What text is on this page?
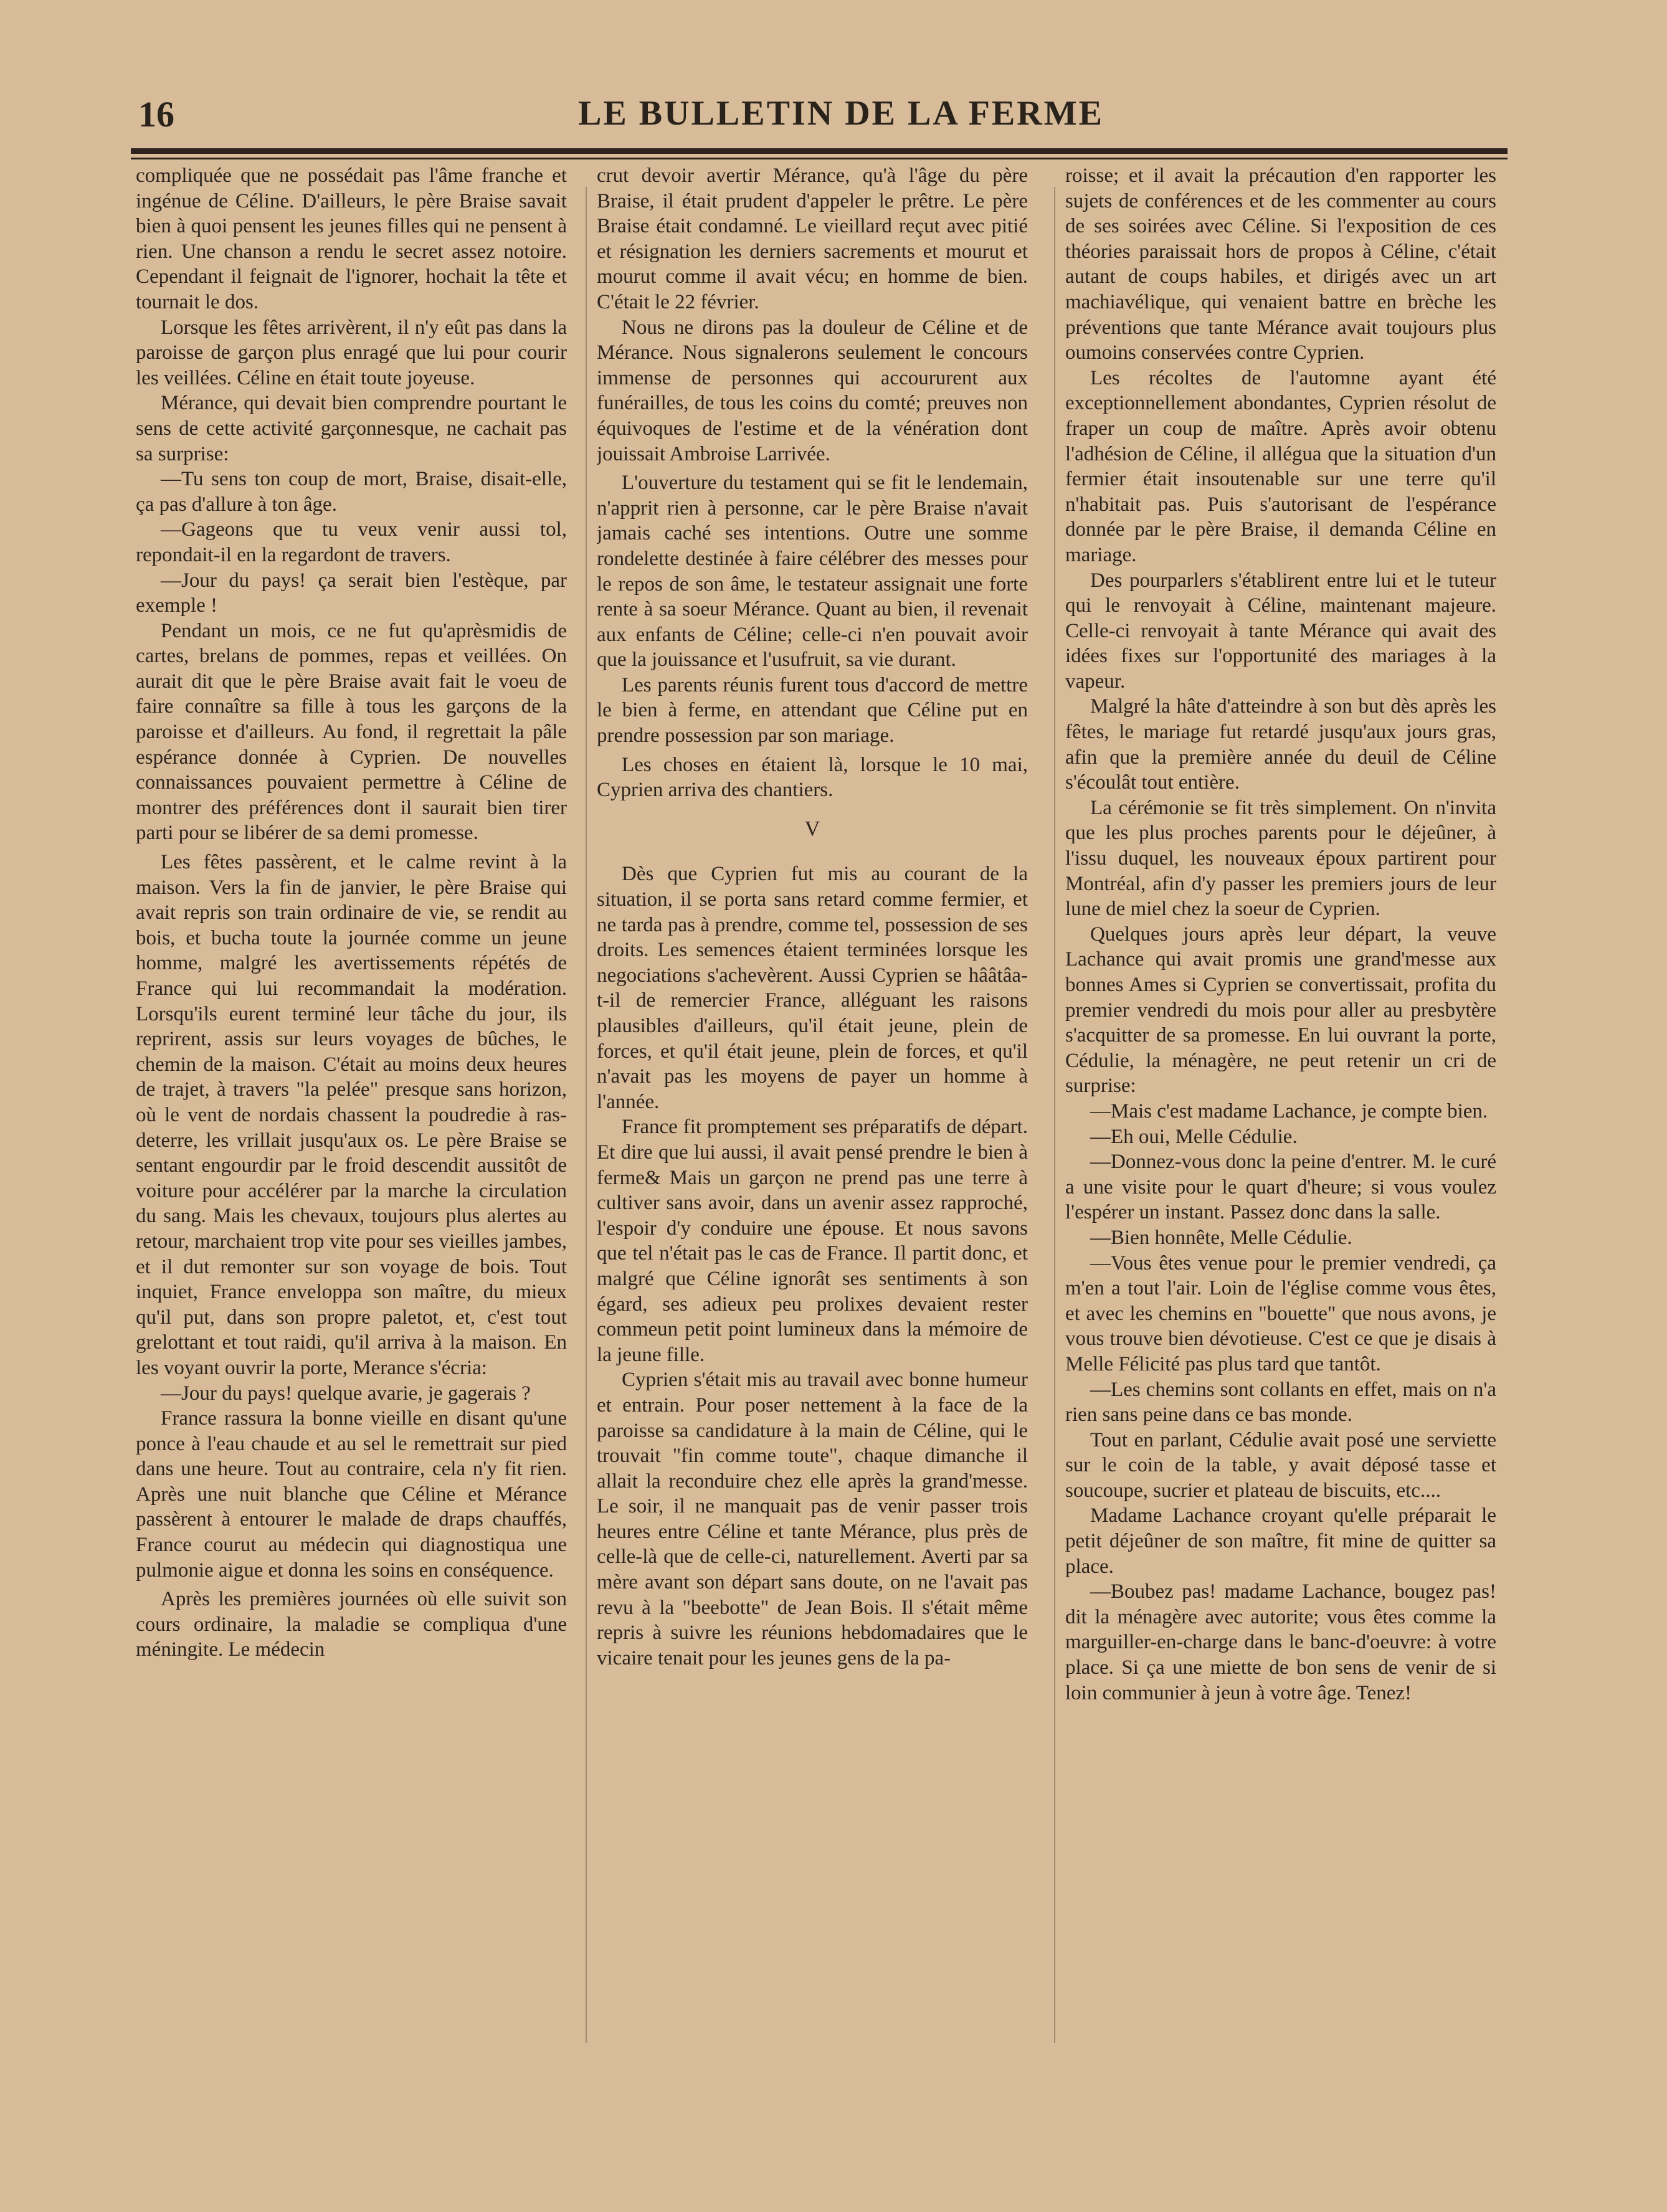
16	LE BULLETIN DE LA FERME

compliquée que ne possédait pas l'âme franche et ingénue de Céline. D'ailleurs, le père Braise savait bien à quoi pensent les jeunes filles qui ne pensent à rien. Une chanson a rendu le secret assez notoire. Cependant il feignait de l'ignorer, hochait la tête et tournait le dos.

Lorsque les fêtes arrivèrent, il n'y eût pas dans la paroisse de garçon plus enragé que lui pour courir les veillées. Céline en était toute joyeuse.

Mérance, qui devait bien comprendre pourtant le sens de cette activité garçonnesque, ne cachait pas sa surprise:

—Tu sens ton coup de mort, Braise, disait-elle, ça pas d'allure à ton âge.

—Gageons que tu veux venir aussi tol, repondait-il en la regardont de travers.

—Jour du pays! ça serait bien l'estèque, par exemple !

Pendant un mois, ce ne fut qu'aprèsmidis de cartes, brelans de pommes, repas et veillées. On aurait dit que le père Braise avait fait le voeu de faire connaître sa fille à tous les garçons de la paroisse et d'ailleurs. Au fond, il regrettait la pâle espérance donnée à Cyprien. De nouvelles connaissances pouvaient permettre à Céline de montrer des préférences dont il saurait bien tirer parti pour se libérer de sa demi promesse.

Les fêtes passèrent, et le calme revint à la maison. Vers la fin de janvier, le père Braise qui avait repris son train ordinaire de vie, se rendit au bois, et bucha toute la journée comme un jeune homme, malgré les avertissements répétés de France qui lui recommandait la modération. Lorsqu'ils eurent terminé leur tâche du jour, ils reprirent, assis sur leurs voyages de bûches, le chemin de la maison. C'était au moins deux heures de trajet, à travers "la pelée" presque sans horizon, où le vent de nordais chassent la poudredie à ras-deterre, les vrillait jusqu'aux os. Le père Braise se sentant engourdir par le froid descendit aussitôt de voiture pour accélérer par la marche la circulation du sang. Mais les chevaux, toujours plus alertes au retour, marchaient trop vite pour ses vieilles jambes, et il dut remonter sur son voyage de bois. Tout inquiet, France enveloppa son maître, du mieux qu'il put, dans son propre paletot, et, c'est tout grelottant et tout raidi, qu'il arriva à la maison. En les voyant ouvrir la porte, Merance s'écria:

—Jour du pays! quelque avarie, je gagerais ?

France rassura la bonne vieille en disant qu'une ponce à l'eau chaude et au sel le remettrait sur pied dans une heure. Tout au contraire, cela n'y fit rien. Après une nuit blanche que Céline et Mérance passèrent à entourer le malade de draps chauffés, France courut au médecin qui diagnostiqua une pulmonie aigue et donna les soins en conséquence.

Après les premières journées où elle suivit son cours ordinaire, la maladie se compliqua d'une méningite. Le médecin

crut devoir avertir Mérance, qu'à l'âge du père Braise, il était prudent d'appeler le prêtre. Le père Braise était condamné. Le vieillard reçut avec pitié et résignation les derniers sacrements et mourut et mourut comme il avait vécu; en homme de bien. C'était le 22 février.

Nous ne dirons pas la douleur de Céline et de Mérance. Nous signalerons seulement le concours immense de personnes qui accoururent aux funérailles, de tous les coins du comté; preuves non équivoques de l'estime et de la vénération dont jouissait Ambroise Larrivée.

L'ouverture du testament qui se fit le lendemain, n'apprit rien à personne, car le père Braise n'avait jamais caché ses intentions. Outre une somme rondelette destinée à faire célébrer des messes pour le repos de son âme, le testateur assignait une forte rente à sa soeur Mérance. Quant au bien, il revenait aux enfants de Céline; celle-ci n'en pouvait avoir que la jouissance et l'usufruit, sa vie durant.

Les parents réunis furent tous d'accord de mettre le bien à ferme, en attendant que Céline put en prendre possession par son mariage.

Les choses en étaient là, lorsque le 10 mai, Cyprien arriva des chantiers.

V

Dès que Cyprien fut mis au courant de la situation, il se porta sans retard comme fermier, et ne tarda pas à prendre, comme tel, possession de ses droits. Les semences étaient terminées lorsque les negociations s'achevèrent. Aussi Cyprien se hââtâa-t-il de remercier France, alléguant les raisons plausibles d'ailleurs, qu'il était jeune, plein de forces, et qu'il était jeune, plein de forces, et qu'il n'avait pas les moyens de payer un homme à l'année.

France fit promptement ses préparatifs de départ. Et dire que lui aussi, il avait pensé prendre le bien à ferme& Mais un garçon ne prend pas une terre à cultiver sans avoir, dans un avenir assez rapproché, l'espoir d'y conduire une épouse. Et nous savons que tel n'était pas le cas de France. Il partit donc, et malgré que Céline ignorât ses sentiments à son égard, ses adieux peu prolixes devaient rester commeun petit point lumineux dans la mémoire de la jeune fille.

Cyprien s'était mis au travail avec bonne humeur et entrain. Pour poser nettement à la face de la paroisse sa candidature à la main de Céline, qui le trouvait "fin comme toute", chaque dimanche il allait la reconduire chez elle après la grand'messe. Le soir, il ne manquait pas de venir passer trois heures entre Céline et tante Mérance, plus près de celle-là que de celle-ci, naturellement. Averti par sa mère avant son départ sans doute, on ne l'avait pas revu à la "beebotte" de Jean Bois. Il s'était même repris à suivre les réunions hebdomadaires que le vicaire tenait pour les jeunes gens de la pa-

roisse; et il avait la précaution d'en rapporter les sujets de conférences et de les commenter au cours de ses soirées avec Céline. Si l'exposition de ces théories paraissait hors de propos à Céline, c'était autant de coups habiles, et dirigés avec un art machiavélique, qui venaient battre en brèche les préventions que tante Mérance avait toujours plus oumoins conservées contre Cyprien.

Les récoltes de l'automne ayant été exceptionnellement abondantes, Cyprien résolut de fraper un coup de maître. Après avoir obtenu l'adhésion de Céline, il allégua que la situation d'un fermier était insoutenable sur une terre qu'il n'habitait pas. Puis s'autorisant de l'espérance donnée par le père Braise, il demanda Céline en mariage.

Des pourparlers s'établirent entre lui et le tuteur qui le renvoyait à Céline, maintenant majeure. Celle-ci renvoyait à tante Mérance qui avait des idées fixes sur l'opportunité des mariages à la vapeur.

Malgré la hâte d'atteindre à son but dès après les fêtes, le mariage fut retardé jusqu'aux jours gras, afin que la première année du deuil de Céline s'écoulât tout entière.

La cérémonie se fit très simplement. On n'invita que les plus proches parents pour le déjeûner, à l'issu duquel, les nouveaux époux partirent pour Montréal, afin d'y passer les premiers jours de leur lune de miel chez la soeur de Cyprien.

Quelques jours après leur départ, la veuve Lachance qui avait promis une grand'messe aux bonnes Ames si Cyprien se convertissait, profita du premier vendredi du mois pour aller au presbytère s'acquitter de sa promesse. En lui ouvrant la porte, Cédulie, la ménagère, ne peut retenir un cri de surprise:

—Mais c'est madame Lachance, je compte bien.

—Eh oui, Melle Cédulie.

—Donnez-vous donc la peine d'entrer. M. le curé a une visite pour le quart d'heure; si vous voulez l'espérer un instant. Passez donc dans la salle.

—Bien honnête, Melle Cédulie.

—Vous êtes venue pour le premier vendredi, ça m'en a tout l'air. Loin de l'église comme vous êtes, et avec les chemins en "bouette" que nous avons, je vous trouve bien dévotieuse. C'est ce que je disais à Melle Félicité pas plus tard que tantôt.

—Les chemins sont collants en effet, mais on n'a rien sans peine dans ce bas monde.

Tout en parlant, Cédulie avait posé une serviette sur le coin de la table, y avait déposé tasse et soucoupe, sucrier et plateau de biscuits, etc....

Madame Lachance croyant qu'elle préparait le petit déjeûner de son maître, fit mine de quitter sa place.

—Boubez pas! madame Lachance, bougez pas! dit la ménagère avec autorite; vous êtes comme la marguiller-en-charge dans le banc-d'oeuvre: à votre place. Si ça une miette de bon sens de venir de si loin communier à jeun à votre âge. Tenez!
